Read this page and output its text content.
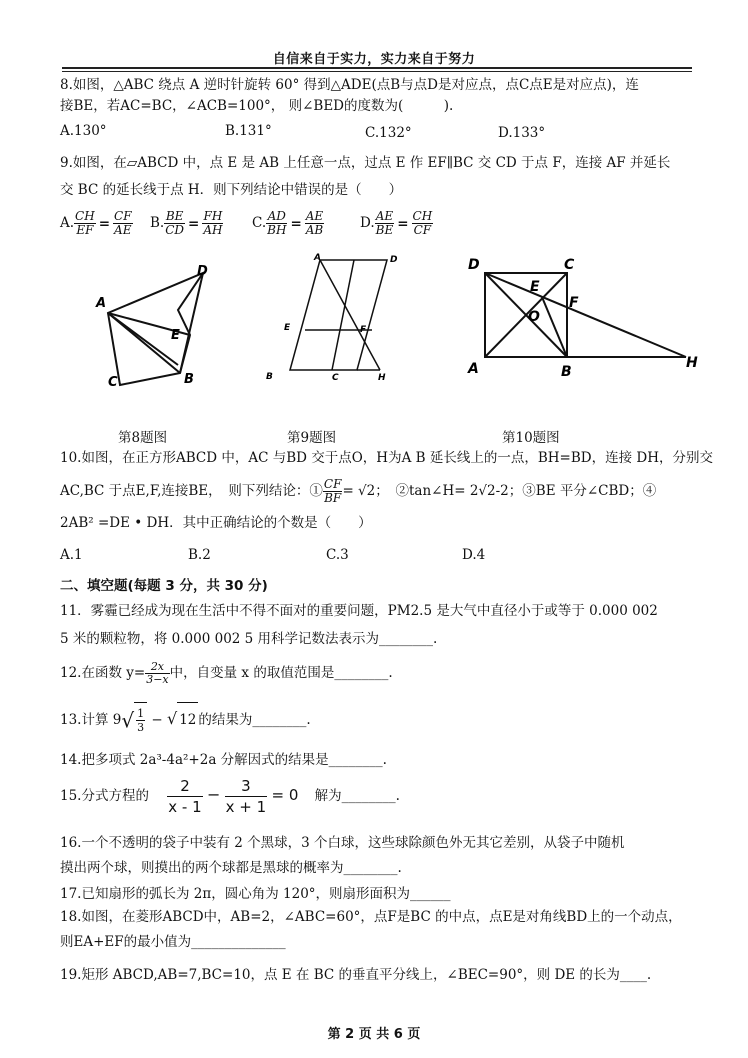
自信来自于实力，实力来自于努力
8.如图，△ABC 绕点 A 逆时针旋转 60° 得到△ADE(点B与点D是对应点，点C点E是对应点)，连
接BE，若AC=BC，∠ACB=100°， 则∠BED的度数为(　　　).
A.130°	B.131°	C.132°	D.133°
9.如图，在▱ABCD 中，点 E 是 AB 上任意一点，过点 E 作 EF∥BC 交 CD 于点 F，连接 AF 并延长
交 BC 的延长线于点 H．则下列结论中错误的是（　　）
A. $\frac{CH}{EF} = \frac{CF}{AE} B$. $\frac{BE}{CD} = \frac{FH}{AH} C$. $\frac{AD}{BH} = \frac{AE}{AB}$	D. $\frac{AE}{BE} = \frac{CH}{CF}$
A
B
C
D
E
A	D
E	F
B	C	H
D	C
E
F
O
A	B
H
第8题图	第9题图	第10题图
10.如图，在正方形ABCD 中，AC 与BD 交于点O，H为A B 延长线上的一点，BH=BD，连接 DH，分别交
AC,BC 于点E,F,连接BE，　则下列结论：① $\frac{CF}{BF} = √2$；　②tan∠H= 2√2-2；③BE 平分∠CBD；④
2AB² =DE • DH．其中正确结论的个数是（　　）
A.1	B.2	C.3	D.4
二、填空题(每题 3 分，共 30 分)
11．雾霾已经成为现在生活中不得不面对的重要问题，PM2.5 是大气中直径小于或等于 0.000 002
5 米的颗粒物，将 0.000 002 5 用科学记数法表示为________.
12.在函数 $y= \frac{2x}{3-x}$ 中，自变量 x 的取值范围是________.
13.计算 $9√ \frac{1}{3}$ − √ 12 的结果为________.
14.把多项式 2a³-4a²+2a 分解因式的结果是________.
15.分式方程的 $\frac{2}{x - 1} - \frac{3}{x + 1} = 0$ 解为________.
16.一个不透明的袋子中装有 2 个黑球，3 个白球，这些球除颜色外无其它差别，从袋子中随机
摸出两个球，则摸出的两个球都是黑球的概率为________.
17.已知扇形的弧长为 2π，圆心角为 120°，则扇形面积为______
18.如图，在菱形ABCD中，AB=2，∠ABC=60°，点F是BC 的中点，点E是对角线BD上的一个动点，
则EA+EF的最小值为______________
19.矩形 ABCD,AB=7,BC=10，点 E 在 BC 的垂直平分线上，∠BEC=90°，则 DE 的长为____.
第 2 页 共 6 页
